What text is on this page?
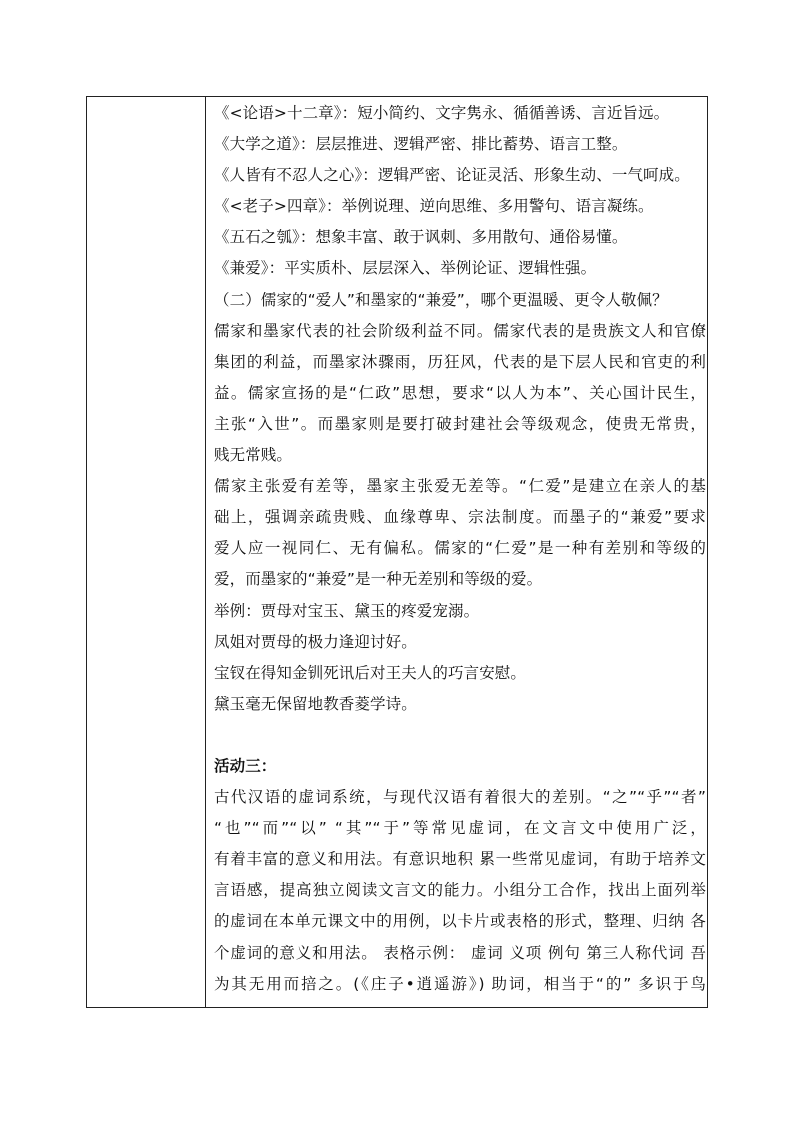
《<论语>十二章》：短小简约、文字隽永、循循善诱、言近旨远。
《大学之道》：层层推进、逻辑严密、排比蓄势、语言工整。
《人皆有不忍人之心》：逻辑严密、论证灵活、形象生动、一气呵成。
《<老子>四章》：举例说理、逆向思维、多用警句、语言凝练。
《五石之瓠》：想象丰富、敢于讽刺、多用散句、通俗易懂。
《兼爱》：平实质朴、层层深入、举例论证、逻辑性强。
（二）儒家的“爱人”和墨家的“兼爱”，哪个更温暖、更令人敬佩？
儒家和墨家代表的社会阶级利益不同。儒家代表的是贵族文人和官僚
集团的利益，而墨家沐骤雨，历狂风，代表的是下层人民和官吏的利
益。儒家宣扬的是“仁政”思想，要求“以人为本”、关心国计民生，
主张“入世”。而墨家则是要打破封建社会等级观念，使贵无常贵，
贱无常贱。
儒家主张爱有差等，墨家主张爱无差等。“仁爱”是建立在亲人的基
础上，强调亲疏贵贱、血缘尊卑、宗法制度。而墨子的“兼爱”要求
爱人应一视同仁、无有偏私。儒家的“仁爱”是一种有差别和等级的
爱，而墨家的“兼爱”是一种无差别和等级的爱。
举例：贾母对宝玉、黛玉的疼爱宠溺。
凤姐对贾母的极力逢迎讨好。
宝钗在得知金钏死讯后对王夫人的巧言安慰。
黛玉毫无保留地教香菱学诗。
活动三：
古代汉语的虚词系统，与现代汉语有着很大的差别。“之”“乎”“者”
“也”“而”“以” “其”“于”等常见虚词，在文言文中使用广泛，
有着丰富的意义和用法。有意识地积 累一些常见虚词，有助于培养文
言语感，提高独立阅读文言文的能力。小组分工合作，找出上面列举
的虚词在本单元课文中的用例，以卡片或表格的形式，整理、归纳 各
个虚词的意义和用法。 表格示例： 虚词 义项 例句 第三人称代词 吾
为其无用而掊之。(《庄子•逍遥游》) 助词，相当于“的” 多识于鸟
